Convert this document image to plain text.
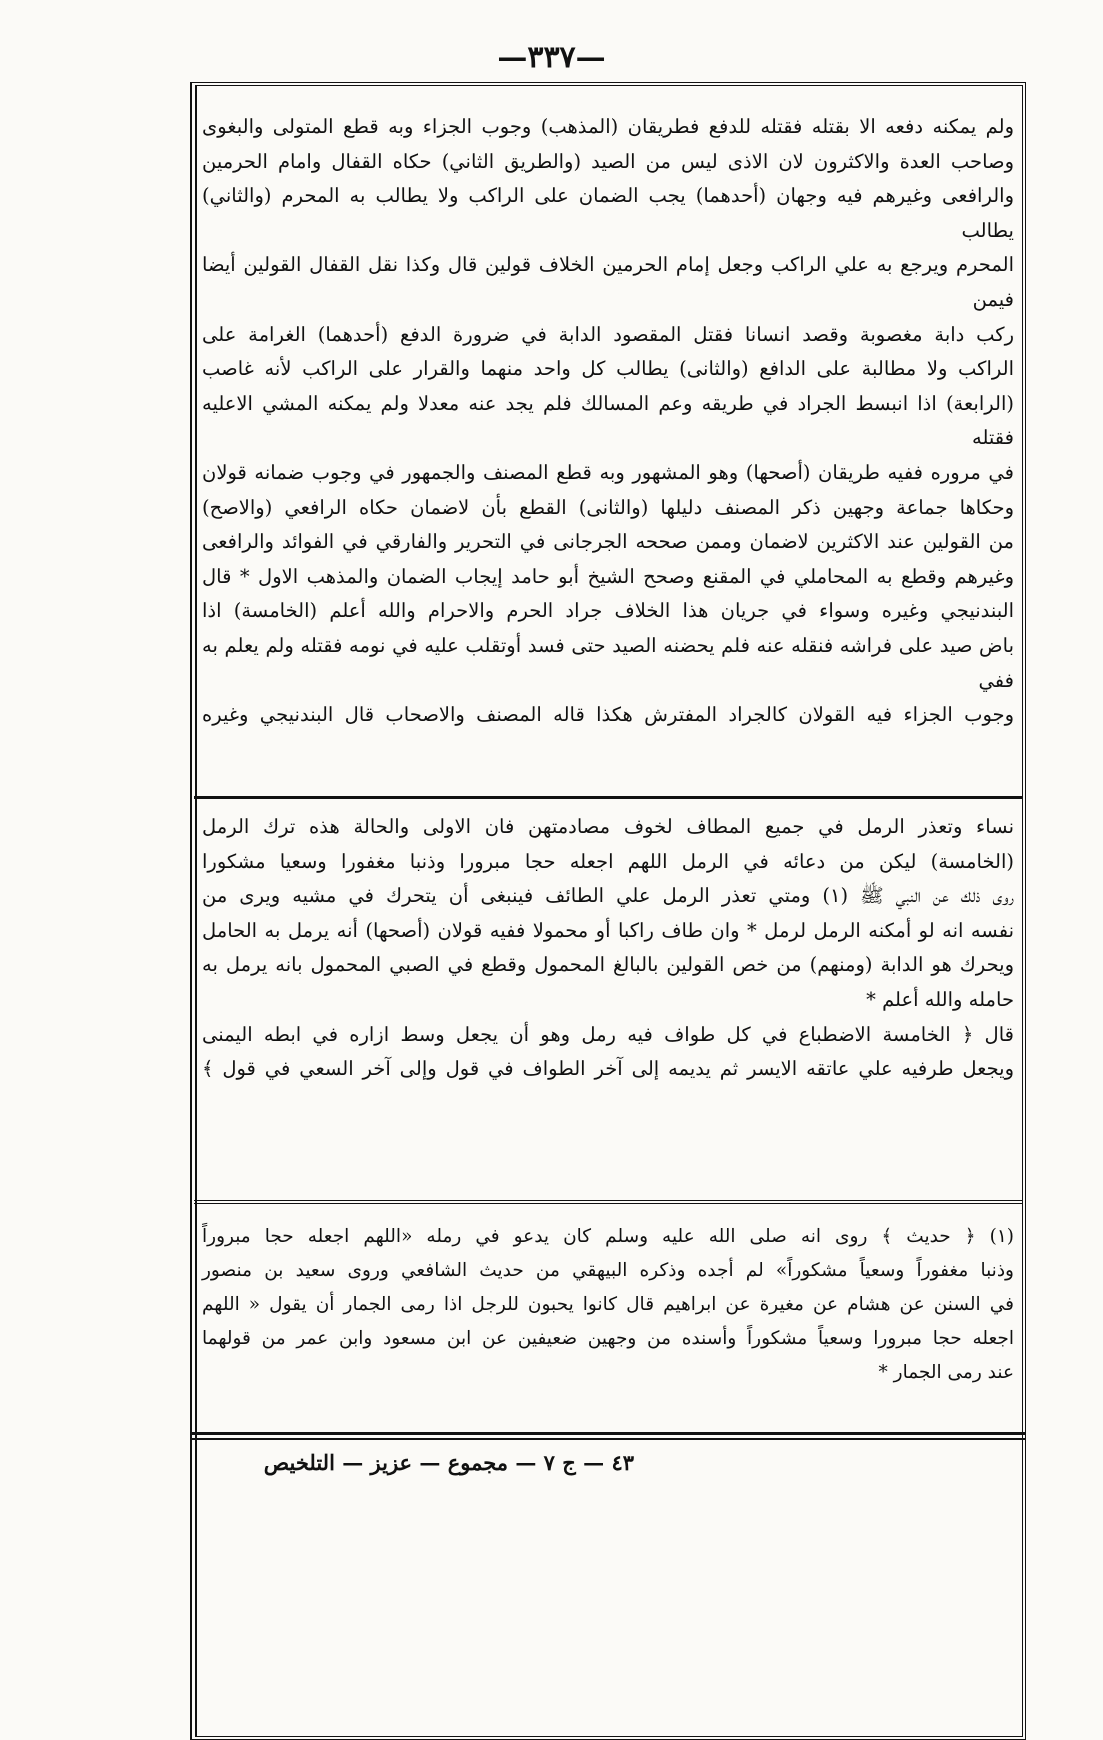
—٣٣٧—

ولم يمكنه دفعه الا بقتله فقتله للدفع فطريقان (المذهب) وجوب الجزاء وبه قطع المتولى والبغوى

وصاحب العدة والاكثرون لان الاذى ليس من الصيد (والطريق الثاني) حكاه القفال وامام الحرمين

والرافعى وغيرهم فيه وجهان (أحدهما) يجب الضمان على الراكب ولا يطالب به المحرم (والثاني) يطالب

المحرم ويرجع به علي الراكب وجعل إمام الحرمين الخلاف قولين قال وكذا نقل القفال القولين أيضا فيمن

ركب دابة مغصوبة وقصد انسانا فقتل المقصود الدابة في ضرورة الدفع (أحدهما) الغرامة على

الراكب ولا مطالبة على الدافع (والثانى) يطالب كل واحد منهما والقرار على الراكب لأنه غاصب

(الرابعة) اذا انبسط الجراد في طريقه وعم المسالك فلم يجد عنه معدلا ولم يمكنه المشي الاعليه فقتله

في مروره ففيه طريقان (أصحها) وهو المشهور وبه قطع المصنف والجمهور في وجوب ضمانه قولان

وحكاها جماعة وجهين ذكر المصنف دليلها (والثانى) القطع بأن لاضمان حكاه الرافعي (والاصح)

من القولين عند الاكثرين لاضمان وممن صححه الجرجانى في التحرير والفارقي في الفوائد والرافعى

وغيرهم وقطع به المحاملي في المقنع وصحح الشيخ أبو حامد إيجاب الضمان والمذهب الاول * قال

البندنيجي وغيره وسواء في جريان هذا الخلاف جراد الحرم والاحرام والله أعلم (الخامسة) اذا

باض صيد على فراشه فنقله عنه فلم يحضنه الصيد حتى فسد أوتقلب عليه في نومه فقتله ولم يعلم به ففي

وجوب الجزاء فيه القولان كالجراد المفترش هكذا قاله المصنف والاصحاب قال البندنيجي وغيره

نساء وتعذر الرمل في جميع المطاف لخوف مصادمتهن فان الاولى والحالة هذه ترك الرمل

(الخامسة) ليكن من دعائه في الرمل اللهم اجعله حجا مبرورا وذنبا مغفورا وسعيا مشكورا

روى ذلك عن النبي ﷺ (١) ومتي تعذر الرمل علي الطائف فينبغى أن يتحرك في مشيه ويرى من

نفسه انه لو أمكنه الرمل لرمل * وان طاف راكبا أو محمولا ففيه قولان (أصحها) أنه يرمل به الحامل

ويحرك هو الدابة (ومنهم) من خص القولين بالبالغ المحمول وقطع في الصبي المحمول بانه يرمل به

حامله والله أعلم *

قال ﴿ الخامسة الاضطباع في كل طواف فيه رمل وهو أن يجعل وسط ازاره في ابطه اليمنى

ويجعل طرفيه علي عاتقه الايسر ثم يديمه إلى آخر الطواف في قول وإلى آخر السعي في قول ﴾

(١) ﴿ حديث ﴾ روى انه صلى الله عليه وسلم كان يدعو في رمله «اللهم اجعله حجا مبروراً

وذنبا مغفوراً وسعياً مشكوراً» لم أجده وذكره البيهقي من حديث الشافعي وروى سعيد بن منصور

في السنن عن هشام عن مغيرة عن ابراهيم قال كانوا يحبون للرجل اذا رمى الجمار أن يقول « اللهم

اجعله حجا مبرورا وسعياً مشكوراً وأسنده من وجهين ضعيفين عن ابن مسعود وابن عمر من قولهما

عند رمى الجمار *

٤٣ — ج ٧ — مجموع — عزيز — التلخيص
